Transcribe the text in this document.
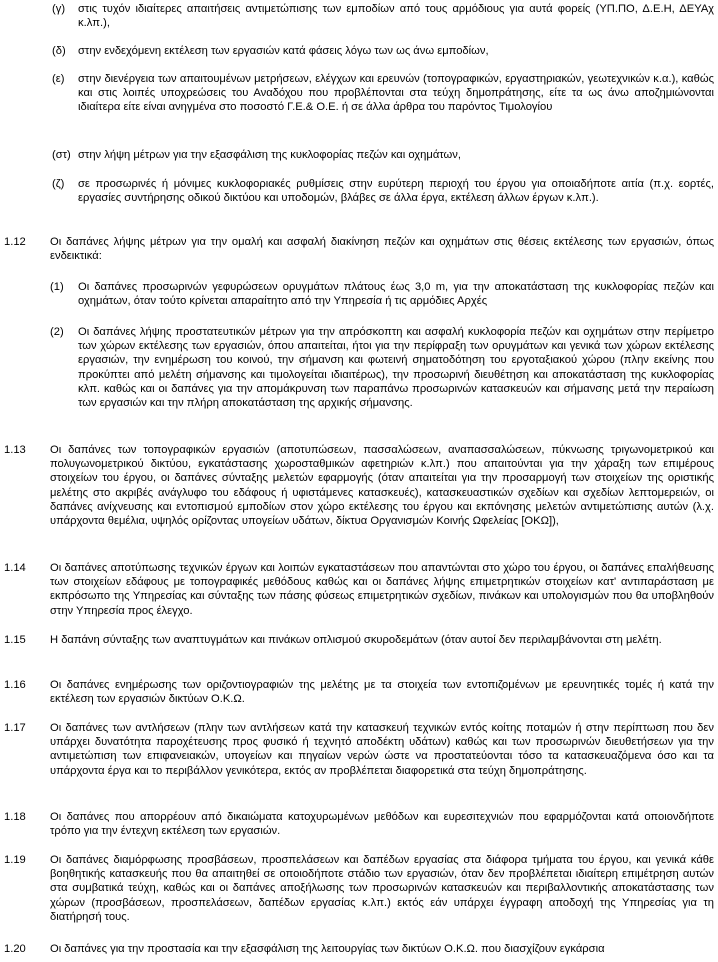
(γ) στις τυχόν ιδιαίτερες απαιτήσεις αντιμετώπισης των εμποδίων από τους αρμόδιους για αυτά φορείς (ΥΠ.ΠΟ, Δ.Ε.Η, ΔΕΥΑχ κ.λπ.),
(δ) στην ενδεχόμενη εκτέλεση των εργασιών κατά φάσεις λόγω των ως άνω εμποδίων,
(ε) στην διενέργεια των απαιτουμένων μετρήσεων, ελέγχων και ερευνών (τοπογραφικών, εργαστηριακών, γεωτεχνικών κ.α.), καθώς και στις λοιπές υποχρεώσεις του Αναδόχου που προβλέπονται στα τεύχη δημοπράτησης, είτε τα ως άνω αποζημιώνονται ιδιαίτερα είτε είναι ανηγμένα στο ποσοστό Γ.Ε.& Ο.Ε. ή σε άλλα άρθρα του παρόντος Τιμολογίου
(στ) στην λήψη μέτρων για την εξασφάλιση της κυκλοφορίας πεζών και οχημάτων,
(ζ) σε προσωρινές ή μόνιμες κυκλοφοριακές ρυθμίσεις στην ευρύτερη περιοχή του έργου για οποιαδήποτε αιτία (π.χ. εορτές, εργασίες συντήρησης οδικού δικτύου και υποδομών, βλάβες σε άλλα έργα, εκτέλεση άλλων έργων κ.λπ.).
1.12 Οι δαπάνες λήψης μέτρων για την ομαλή και ασφαλή διακίνηση πεζών και οχημάτων στις θέσεις εκτέλεσης των εργασιών, όπως ενδεικτικά:
(1) Οι δαπάνες προσωρινών γεφυρώσεων ορυγμάτων πλάτους έως 3,0 m, για την αποκατάσταση της κυκλοφορίας πεζών και οχημάτων, όταν τούτο κρίνεται απαραίτητο από την Υπηρεσία ή τις αρμόδιες Αρχές
(2) Οι δαπάνες λήψης προστατευτικών μέτρων για την απρόσκοπτη και ασφαλή κυκλοφορία πεζών και οχημάτων στην περίμετρο των χώρων εκτέλεσης των εργασιών, όπου απαιτείται, ήτοι για την περίφραξη των ορυγμάτων και γενικά των χώρων εκτέλεσης εργασιών, την ενημέρωση του κοινού, την σήμανση και φωτεινή σηματοδότηση του εργοταξιακού χώρου (πλην εκείνης που προκύπτει από μελέτη σήμανσης και τιμολογείται ιδιαιτέρως), την προσωρινή διευθέτηση και αποκατάσταση της κυκλοφορίας κλπ. καθώς και οι δαπάνες για την απομάκρυνση των παραπάνω προσωρινών κατασκευών και σήμανσης μετά την περαίωση των εργασιών και την πλήρη αποκατάσταση της αρχικής σήμανσης.
1.13 Οι δαπάνες των τοπογραφικών εργασιών (αποτυπώσεων, πασσαλώσεων, αναπασσαλώσεων, πύκνωσης τριγωνομετρικού και πολυγωνομετρικού δικτύου, εγκατάστασης χωροσταθμικών αφετηριών κ.λπ.) που απαιτούνται για την χάραξη των επιμέρους στοιχείων του έργου, οι δαπάνες σύνταξης μελετών εφαρμογής (όταν απαιτείται για την προσαρμογή των στοιχείων της οριστικής μελέτης στο ακριβές ανάγλυφο του εδάφους ή υφιστάμενες κατασκευές), κατασκευαστικών σχεδίων και σχεδίων λεπτομερειών, οι δαπάνες ανίχνευσης και εντοπισμού εμποδίων στον χώρο εκτέλεσης του έργου και εκπόνησης μελετών αντιμετώπισης αυτών (λ.χ. υπάρχοντα θεμέλια, υψηλός ορίζοντας υπογείων υδάτων, δίκτυα Οργανισμών Κοινής Ωφελείας [ΟΚΩ]),
1.14 Οι δαπάνες αποτύπωσης τεχνικών έργων και λοιπών εγκαταστάσεων που απαντώνται στο χώρο του έργου, οι δαπάνες επαλήθευσης των στοιχείων εδάφους με τοπογραφικές μεθόδους καθώς και οι δαπάνες λήψης επιμετρητικών στοιχείων κατ' αντιπαράσταση με εκπρόσωπο της Υπηρεσίας και σύνταξης των πάσης φύσεως επιμετρητικών σχεδίων, πινάκων και υπολογισμών που θα υποβληθούν στην Υπηρεσία προς έλεγχο.
1.15 Η δαπάνη σύνταξης των αναπτυγμάτων και πινάκων οπλισμού σκυροδεμάτων (όταν αυτοί δεν περιλαμβάνονται στη μελέτη.
1.16 Οι δαπάνες ενημέρωσης των οριζοντιογραφιών της μελέτης με τα στοιχεία των εντοπιζομένων με ερευνητικές τομές ή κατά την εκτέλεση των εργασιών δικτύων Ο.Κ.Ω.
1.17 Οι δαπάνες των αντλήσεων (πλην των αντλήσεων κατά την κατασκευή τεχνικών εντός κοίτης ποταμών ή στην περίπτωση που δεν υπάρχει δυνατότητα παροχέτευσης προς φυσικό ή τεχνητό αποδέκτη υδάτων) καθώς και των προσωρινών διευθετήσεων για την αντιμετώπιση των επιφανειακών, υπογείων και πηγαίων νερών ώστε να προστατεύονται τόσο τα κατασκευαζόμενα όσο και τα υπάρχοντα έργα και το περιβάλλον γενικότερα, εκτός αν προβλέπεται διαφορετικά στα τεύχη δημοπράτησης.
1.18 Οι δαπάνες που απορρέουν από δικαιώματα κατοχυρωμένων μεθόδων και ευρεσιτεχνιών που εφαρμόζονται κατά οποιονδήποτε τρόπο για την έντεχνη εκτέλεση των εργασιών.
1.19 Οι δαπάνες διαμόρφωσης προσβάσεων, προσπελάσεων και δαπέδων εργασίας στα διάφορα τμήματα του έργου, και γενικά κάθε βοηθητικής κατασκευής που θα απαιτηθεί σε οποιοδήποτε στάδιο των εργασιών, όταν δεν προβλέπεται ιδιαίτερη επιμέτρηση αυτών στα συμβατικά τεύχη, καθώς και οι δαπάνες αποξήλωσης των προσωρινών κατασκευών και περιβαλλοντικής αποκατάστασης των χώρων (προσβάσεων, προσπελάσεων, δαπέδων εργασίας κ.λπ.) εκτός εάν υπάρχει έγγραφη αποδοχή της Υπηρεσίας για τη διατήρησή τους.
1.20 Οι δαπάνες για την προστασία και την εξασφάλιση της λειτουργίας των δικτύων Ο.Κ.Ω. που διασχίζουν εγκάρσια
